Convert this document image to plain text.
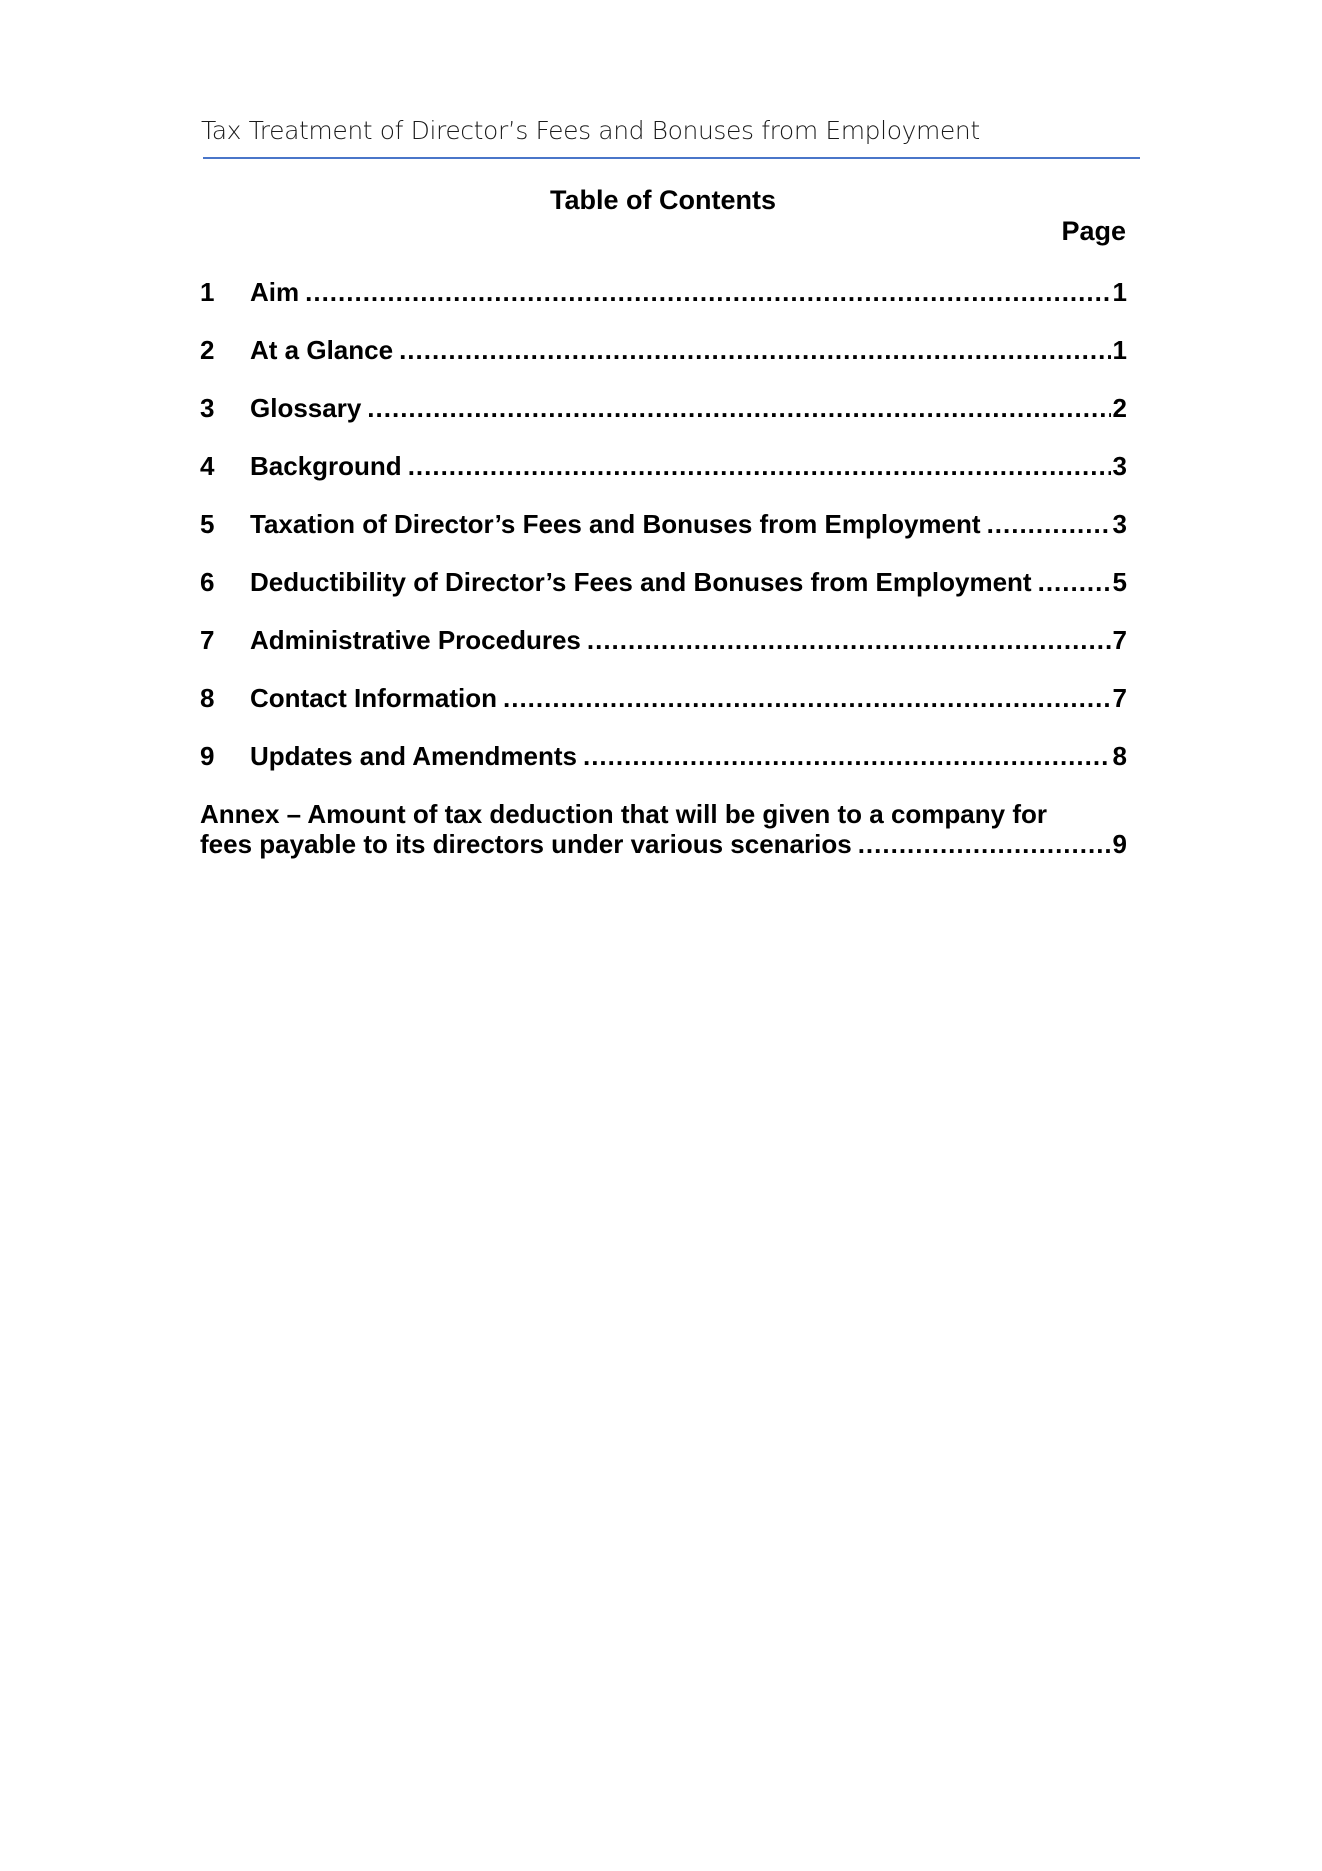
Tax Treatment of Director’s Fees and Bonuses from Employment
Table of Contents
Page
1	Aim .....	1
2	At a Glance .....	1
3	Glossary .....	2
4	Background .....	3
5	Taxation of Director’s Fees and Bonuses from Employment .....	3
6	Deductibility of Director’s Fees and Bonuses from Employment .....	5
7	Administrative Procedures .....	7
8	Contact Information .....	7
9	Updates and Amendments .....	8
Annex – Amount of tax deduction that will be given to a company for
fees payable to its directors under various scenarios .....	9
